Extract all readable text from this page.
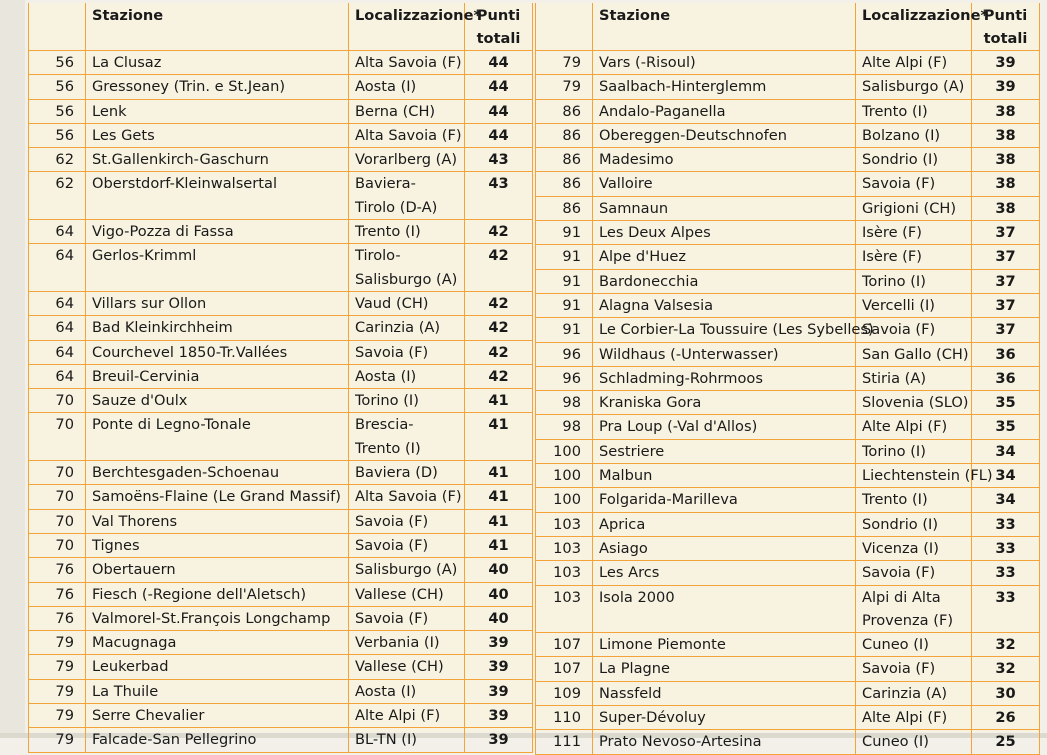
	Stazione	Localizzazione*	Punti
totali
56	La Clusaz	Alta Savoia (F)	44
56	Gressoney (Trin. e St.Jean)	Aosta (I)	44
56	Lenk	Berna (CH)	44
56	Les Gets	Alta Savoia (F)	44
62	St.Gallenkirch-Gaschurn	Vorarlberg (A)	43
62	Oberstdorf-Kleinwalsertal	Baviera-
Tirolo (D-A)	43
64	Vigo-Pozza di Fassa	Trento (I)	42
64	Gerlos-Krimml	Tirolo-
Salisburgo (A)	42
64	Villars sur Ollon	Vaud (CH)	42
64	Bad Kleinkirchheim	Carinzia (A)	42
64	Courchevel 1850-Tr.Vallées	Savoia (F)	42
64	Breuil-Cervinia	Aosta (I)	42
70	Sauze d'Oulx	Torino (I)	41
70	Ponte di Legno-Tonale	Brescia-
Trento (I)	41
70	Berchtesgaden-Schoenau	Baviera (D)	41
70	Samoëns-Flaine (Le Grand Massif)	Alta Savoia (F)	41
70	Val Thorens	Savoia (F)	41
70	Tignes	Savoia (F)	41
76	Obertauern	Salisburgo (A)	40
76	Fiesch (-Regione dell'Aletsch)	Vallese (CH)	40
76	Valmorel-St.François Longchamp	Savoia (F)	40
79	Macugnaga	Verbania (I)	39
79	Leukerbad	Vallese (CH)	39
79	La Thuile	Aosta (I)	39
79	Serre Chevalier	Alte Alpi (F)	39
79	Falcade-San Pellegrino	BL-TN (I)	39
	Stazione	Localizzazione*	Punti
totali
79	Vars (-Risoul)	Alte Alpi (F)	39
79	Saalbach-Hinterglemm	Salisburgo (A)	39
86	Andalo-Paganella	Trento (I)	38
86	Obereggen-Deutschnofen	Bolzano (I)	38
86	Madesimo	Sondrio (I)	38
86	Valloire	Savoia (F)	38
86	Samnaun	Grigioni (CH)	38
91	Les Deux Alpes	Isère (F)	37
91	Alpe d'Huez	Isère (F)	37
91	Bardonecchia	Torino (I)	37
91	Alagna Valsesia	Vercelli (I)	37
91	Le Corbier-La Toussuire (Les Sybelles)	Savoia (F)	37
96	Wildhaus (-Unterwasser)	San Gallo (CH)	36
96	Schladming-Rohrmoos	Stiria (A)	36
98	Kraniska Gora	Slovenia (SLO)	35
98	Pra Loup (-Val d'Allos)	Alte Alpi (F)	35
100	Sestriere	Torino (I)	34
100	Malbun	Liechtenstein (FL)	34
100	Folgarida-Marilleva	Trento (I)	34
103	Aprica	Sondrio (I)	33
103	Asiago	Vicenza (I)	33
103	Les Arcs	Savoia (F)	33
103	Isola 2000	Alpi di Alta
Provenza (F)	33
107	Limone Piemonte	Cuneo (I)	32
107	La Plagne	Savoia (F)	32
109	Nassfeld	Carinzia (A)	30
110	Super-Dévoluy	Alte Alpi (F)	26
111	Prato Nevoso-Artesina	Cuneo (I)	25
